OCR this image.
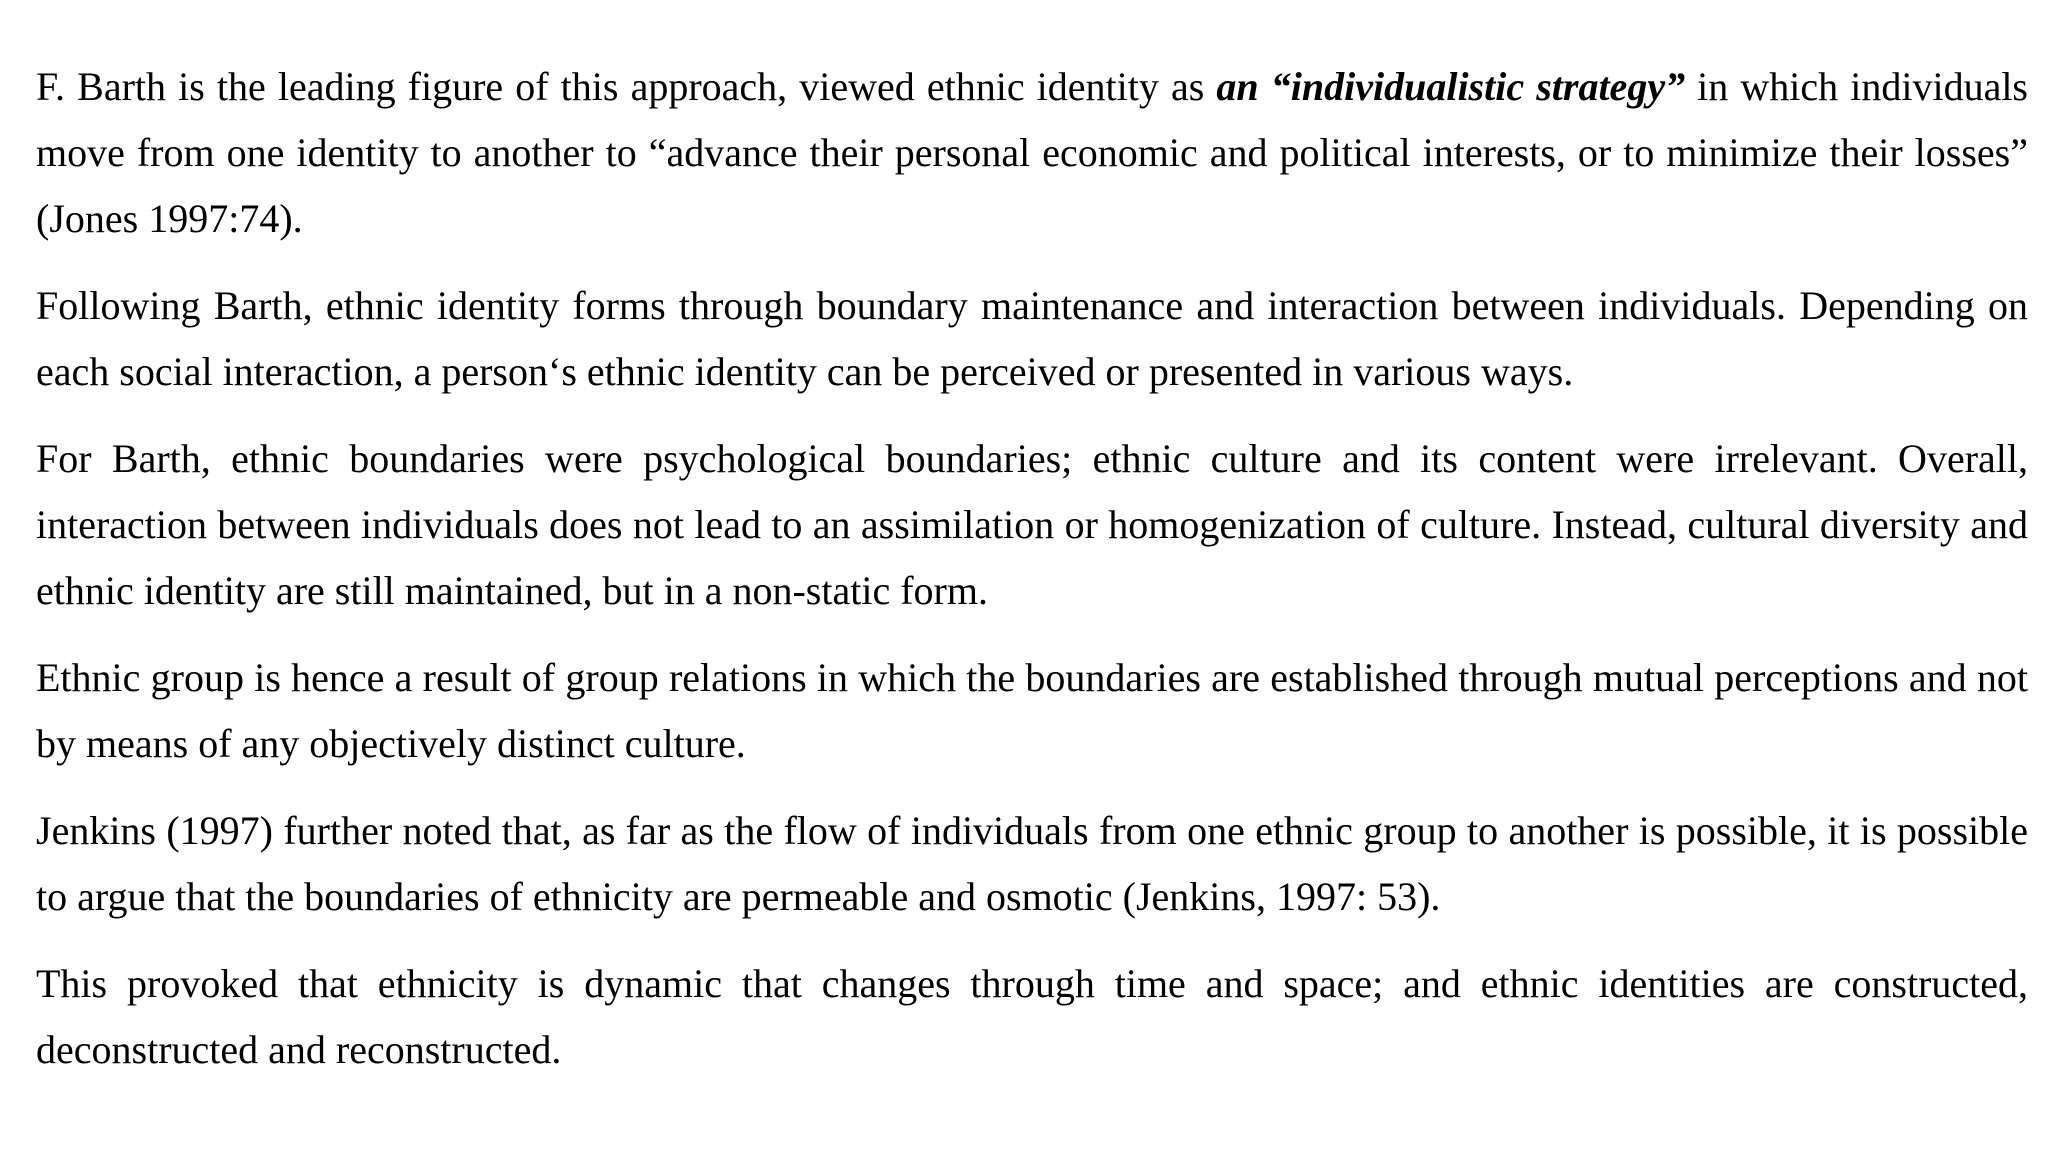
F. Barth is the leading figure of this approach, viewed ethnic identity as an “individualistic strategy” in which individuals move from one identity to another to “advance their personal economic and political interests, or to minimize their losses” (Jones 1997:74).

Following Barth, ethnic identity forms through boundary maintenance and interaction between individuals. Depending on each social interaction, a person‘s ethnic identity can be perceived or presented in various ways.

For Barth, ethnic boundaries were psychological boundaries; ethnic culture and its content were irrelevant. Overall, interaction between individuals does not lead to an assimilation or homogenization of culture. Instead, cultural diversity and ethnic identity are still maintained, but in a non-static form.

Ethnic group is hence a result of group relations in which the boundaries are established through mutual perceptions and not by means of any objectively distinct culture.

Jenkins (1997) further noted that, as far as the flow of individuals from one ethnic group to another is possible, it is possible to argue that the boundaries of ethnicity are permeable and osmotic (Jenkins, 1997: 53).

This provoked that ethnicity is dynamic that changes through time and space; and ethnic identities are constructed, deconstructed and reconstructed.
